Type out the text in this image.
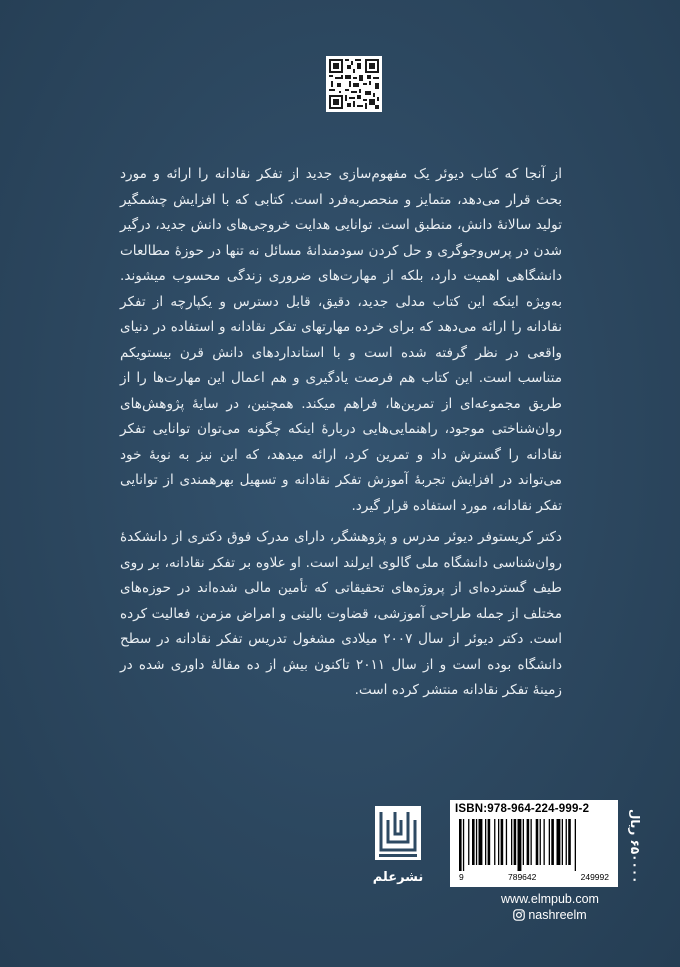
از آنجا که کتاب دیوئر یک مفهوم‌سازی جدید از تفکر نقادانه را ارائه و مورد بحث قرار می‌دهد، متمایز و منحصربه‌فرد است. کتابی که با افزایش چشمگیر تولید سالانهٔ دانش، منطبق است. توانایی هدایت خروجی‌های دانش جدید، درگیر شدن در پرس‌وجوگری و حل کردن سودمندانهٔ مسائل نه تنها در حوزهٔ مطالعات دانشگاهی اهمیت دارد، بلکه از مهارت‌های ضروری زندگی محسوب میشوند. به‌ویژه اینکه این کتاب مدلی جدید، دقیق، قابل دسترس و یکپارچه از تفکر نقادانه را ارائه می‌دهد که برای خرده مهارتهای تفکر نقادانه و استفاده در دنیای واقعی در نظر گرفته شده است و با استانداردهای دانش قرن بیستویکم متناسب است. این کتاب هم فرصت یادگیری و هم اعمال این مهارت‌ها را از طریق مجموعه‌ای از تمرین‌ها، فراهم میکند. همچنین، در سایهٔ پژوهش‌های روان‌شناختی موجود، راهنمایی‌هایی دربارهٔ اینکه چگونه می‌توان توانایی تفکر نقادانه را گسترش داد و تمرین کرد، ارائه میدهد، که این نیز به نوبهٔ خود می‌تواند در افزایش تجربهٔ آموزش تفکر نقادانه و تسهیل بهرهمندی از توانایی تفکر نقادانه، مورد استفاده قرار گیرد.

دکتر کریستوفر دیوئر مدرس و پژوهشگر، دارای مدرک فوق دکتری از دانشکدهٔ روان‌شناسی دانشگاه ملی گالوی ایرلند است. او علاوه بر تفکر نقادانه، بر روی طیف گسترده‌ای از پروژه‌های تحقیقاتی که تأمین مالی شده‌اند در حوزه‌های مختلف از جمله طراحی آموزشی، قضاوت بالینی و امراض مزمن، فعالیت کرده است. دکتر دیوئر از سال ۲۰۰۷ میلادی مشغول تدریس تفکر نقادانه در سطح دانشگاه بوده است و از سال ۲۰۱۱ تاکنون بیش از ده مقالهٔ داوری شده در زمینهٔ تفکر نقادانه منتشر کرده است.

نشرعلم
ISBN:978-964-224-999-2
9	789642	249992
۶۵۰۰۰۰ ریال
www.elmpub.com
nashreelm
